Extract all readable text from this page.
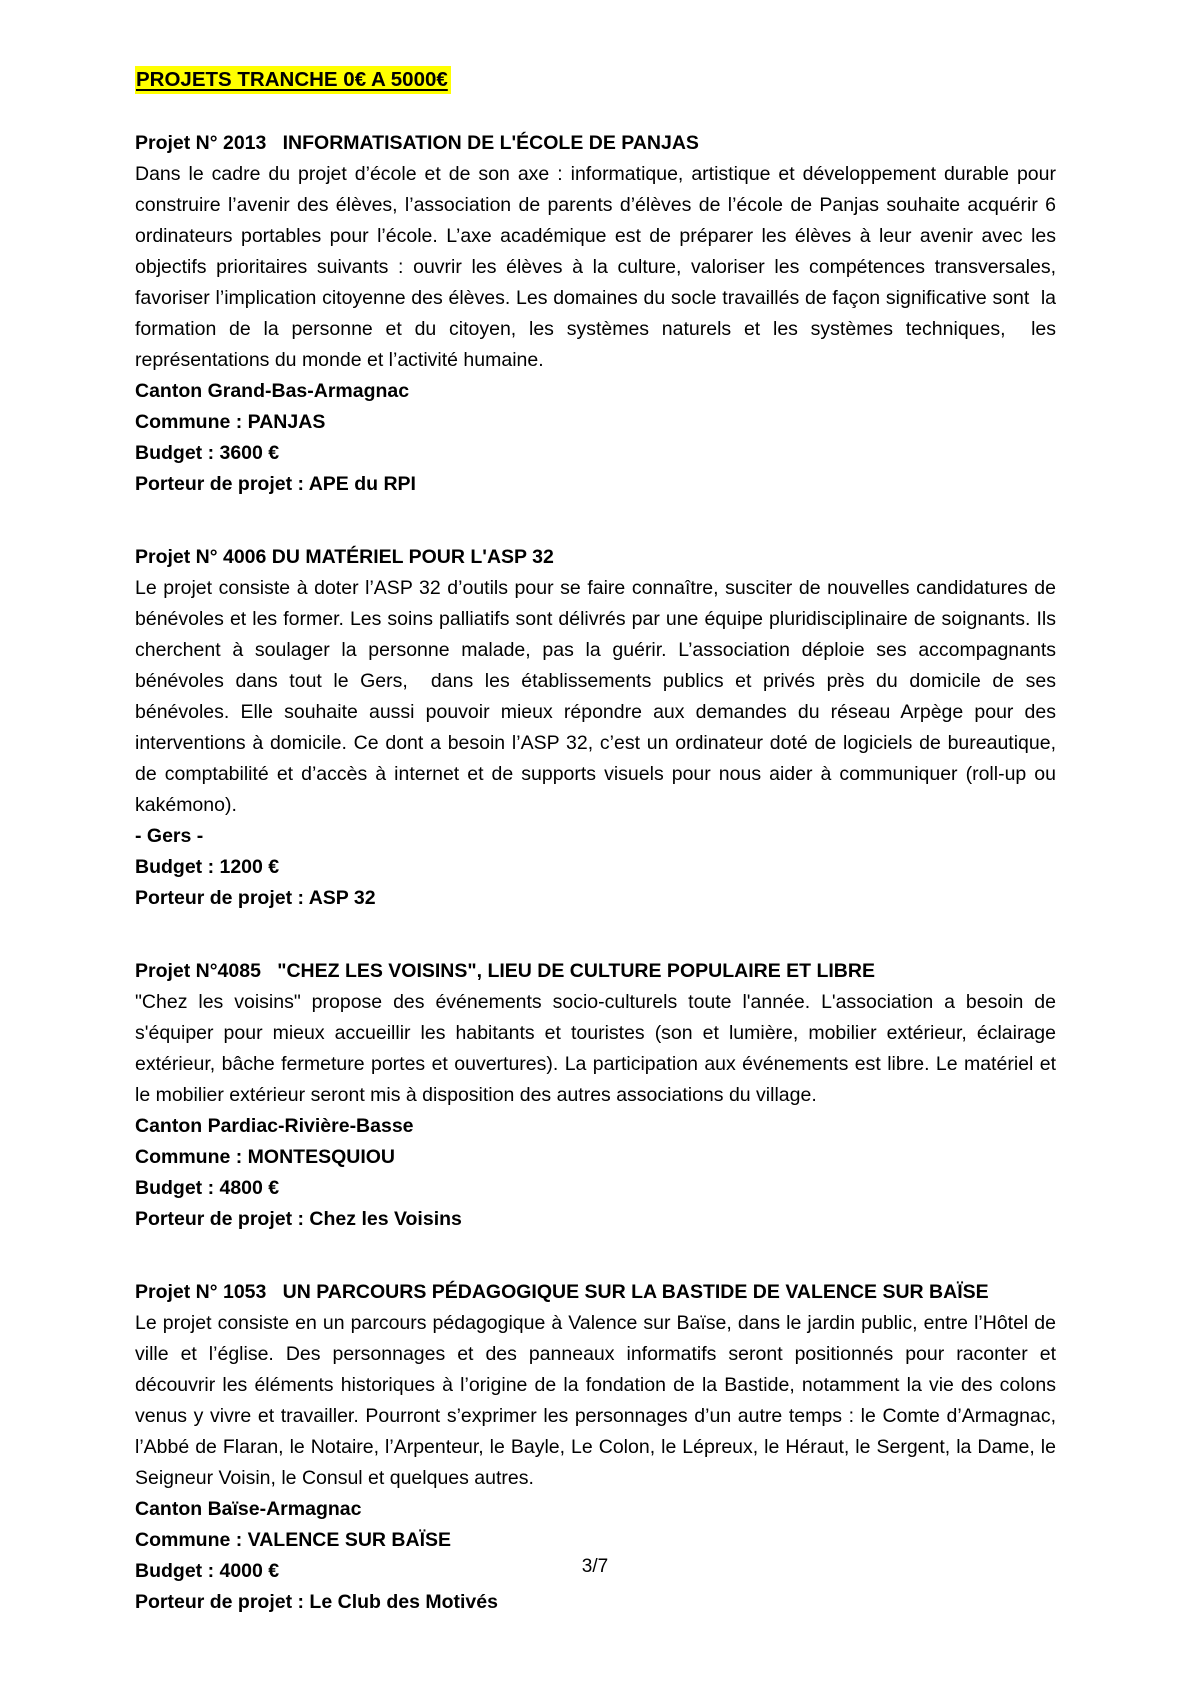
PROJETS TRANCHE 0€ A 5000€
Projet N° 2013   INFORMATISATION DE L'ÉCOLE DE PANJAS

Dans le cadre du projet d’école et de son axe : informatique, artistique et développement durable pour construire l’avenir des élèves, l’association de parents d’élèves de l’école de Panjas souhaite acquérir 6 ordinateurs portables pour l’école. L’axe académique est de préparer les élèves à leur avenir avec les objectifs prioritaires suivants : ouvrir les élèves à la culture, valoriser les compétences transversales, favoriser l’implication citoyenne des élèves. Les domaines du socle travaillés de façon significative sont  la formation de la personne et du citoyen, les systèmes naturels et les systèmes techniques,  les représentations du monde et l’activité humaine.

Canton Grand-Bas-Armagnac
Commune : PANJAS
Budget : 3600 €
Porteur de projet : APE du RPI
Projet N° 4006 DU MATÉRIEL POUR L'ASP 32

Le projet consiste à doter l’ASP 32 d’outils pour se faire connaître, susciter de nouvelles candidatures de bénévoles et les former. Les soins palliatifs sont délivrés par une équipe pluridisciplinaire de soignants. Ils cherchent à soulager la personne malade, pas la guérir. L’association déploie ses accompagnants bénévoles dans tout le Gers,  dans les établissements publics et privés près du domicile de ses bénévoles. Elle souhaite aussi pouvoir mieux répondre aux demandes du réseau Arpège pour des interventions à domicile. Ce dont a besoin l’ASP 32, c’est un ordinateur doté de logiciels de bureautique, de comptabilité et d’accès à internet et de supports visuels pour nous aider à communiquer (roll-up ou kakémono).

- Gers -
Budget : 1200 €
Porteur de projet : ASP 32
Projet N°4085   "CHEZ LES VOISINS", LIEU DE CULTURE POPULAIRE ET LIBRE

"Chez les voisins" propose des événements socio-culturels toute l'année. L'association a besoin de s'équiper pour mieux accueillir les habitants et touristes (son et lumière, mobilier extérieur, éclairage extérieur, bâche fermeture portes et ouvertures). La participation aux événements est libre. Le matériel et le mobilier extérieur seront mis à disposition des autres associations du village.

Canton Pardiac-Rivière-Basse
Commune : MONTESQUIOU
Budget : 4800 €
Porteur de projet : Chez les Voisins
Projet N° 1053   UN PARCOURS PÉDAGOGIQUE SUR LA BASTIDE DE VALENCE SUR BAÏSE

Le projet consiste en un parcours pédagogique à Valence sur Baïse, dans le jardin public, entre l’Hôtel de ville et l’église. Des personnages et des panneaux informatifs seront positionnés pour raconter et découvrir les éléments historiques à l’origine de la fondation de la Bastide, notamment la vie des colons venus y vivre et travailler. Pourront s’exprimer les personnages d’un autre temps : le Comte d’Armagnac, l’Abbé de Flaran, le Notaire, l’Arpenteur, le Bayle, Le Colon, le Lépreux, le Héraut, le Sergent, la Dame, le Seigneur Voisin, le Consul et quelques autres.

Canton Baïse-Armagnac
Commune : VALENCE SUR BAÏSE
Budget : 4000 €
Porteur de projet : Le Club des Motivés
3/7
